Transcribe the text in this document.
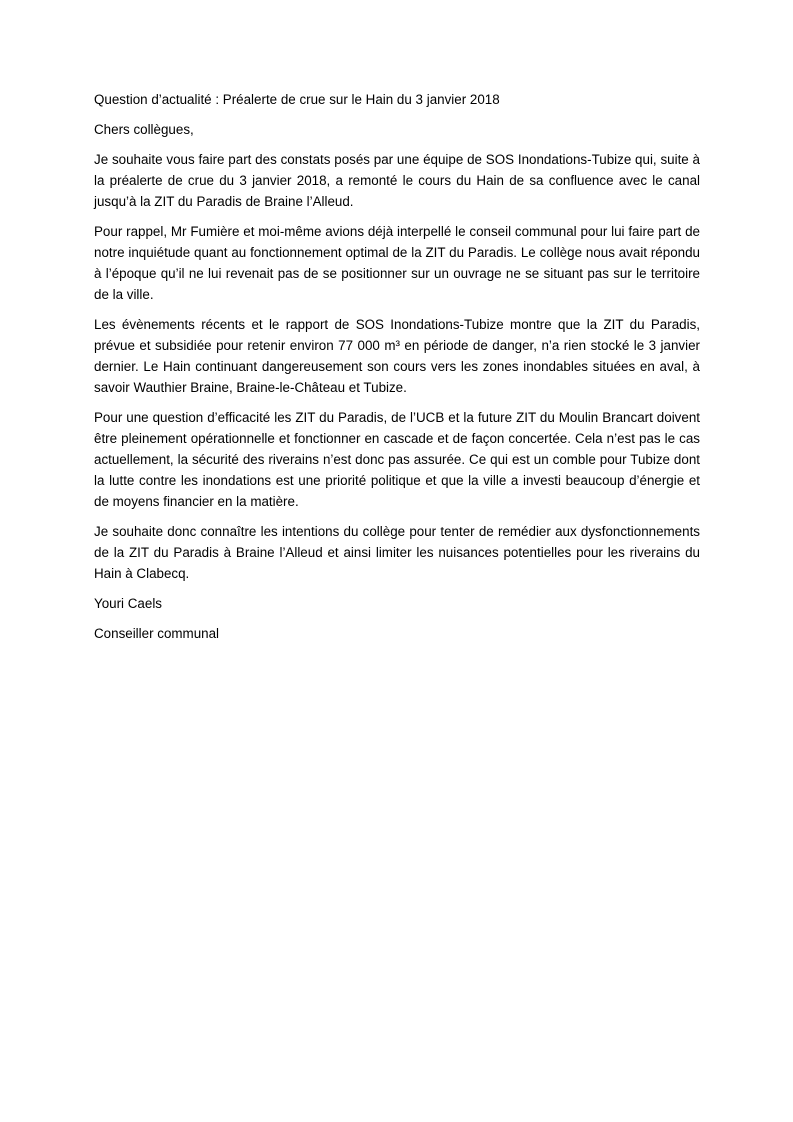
Question d’actualité : Préalerte de crue sur le Hain du 3 janvier 2018

Chers collègues,

Je souhaite vous faire part des constats posés par une équipe de SOS Inondations-Tubize qui, suite à la préalerte de crue du 3 janvier 2018, a remonté le cours du Hain de sa confluence avec le canal jusqu’à la ZIT du Paradis de Braine l’Alleud.

Pour rappel, Mr Fumière et moi-même avions déjà interpellé le conseil communal pour lui faire part de notre inquiétude quant au fonctionnement optimal de la ZIT du Paradis. Le collège nous avait répondu à l’époque qu’il ne lui revenait pas de se positionner sur un ouvrage ne se situant pas sur le territoire de la ville.

Les évènements récents et le rapport de SOS Inondations-Tubize montre que la ZIT du Paradis, prévue et subsidiée pour retenir environ 77 000 m³ en période de danger, n’a rien stocké le 3 janvier dernier. Le Hain continuant dangereusement son cours vers les zones inondables situées en aval, à savoir Wauthier Braine, Braine-le-Château et Tubize.

Pour une question d’efficacité les ZIT du Paradis, de l’UCB et la future ZIT du Moulin Brancart doivent être pleinement opérationnelle et fonctionner en cascade et de façon concertée. Cela n’est pas le cas actuellement, la sécurité des riverains n’est donc pas assurée. Ce qui est un comble pour Tubize dont la lutte contre les inondations est une priorité politique et que la ville a investi beaucoup d’énergie et de moyens financier en la matière.

Je souhaite donc connaître les intentions du collège pour tenter de remédier aux dysfonctionnements de la ZIT du Paradis à Braine l’Alleud et ainsi limiter les nuisances potentielles pour les riverains du Hain à Clabecq.

Youri Caels

Conseiller communal
